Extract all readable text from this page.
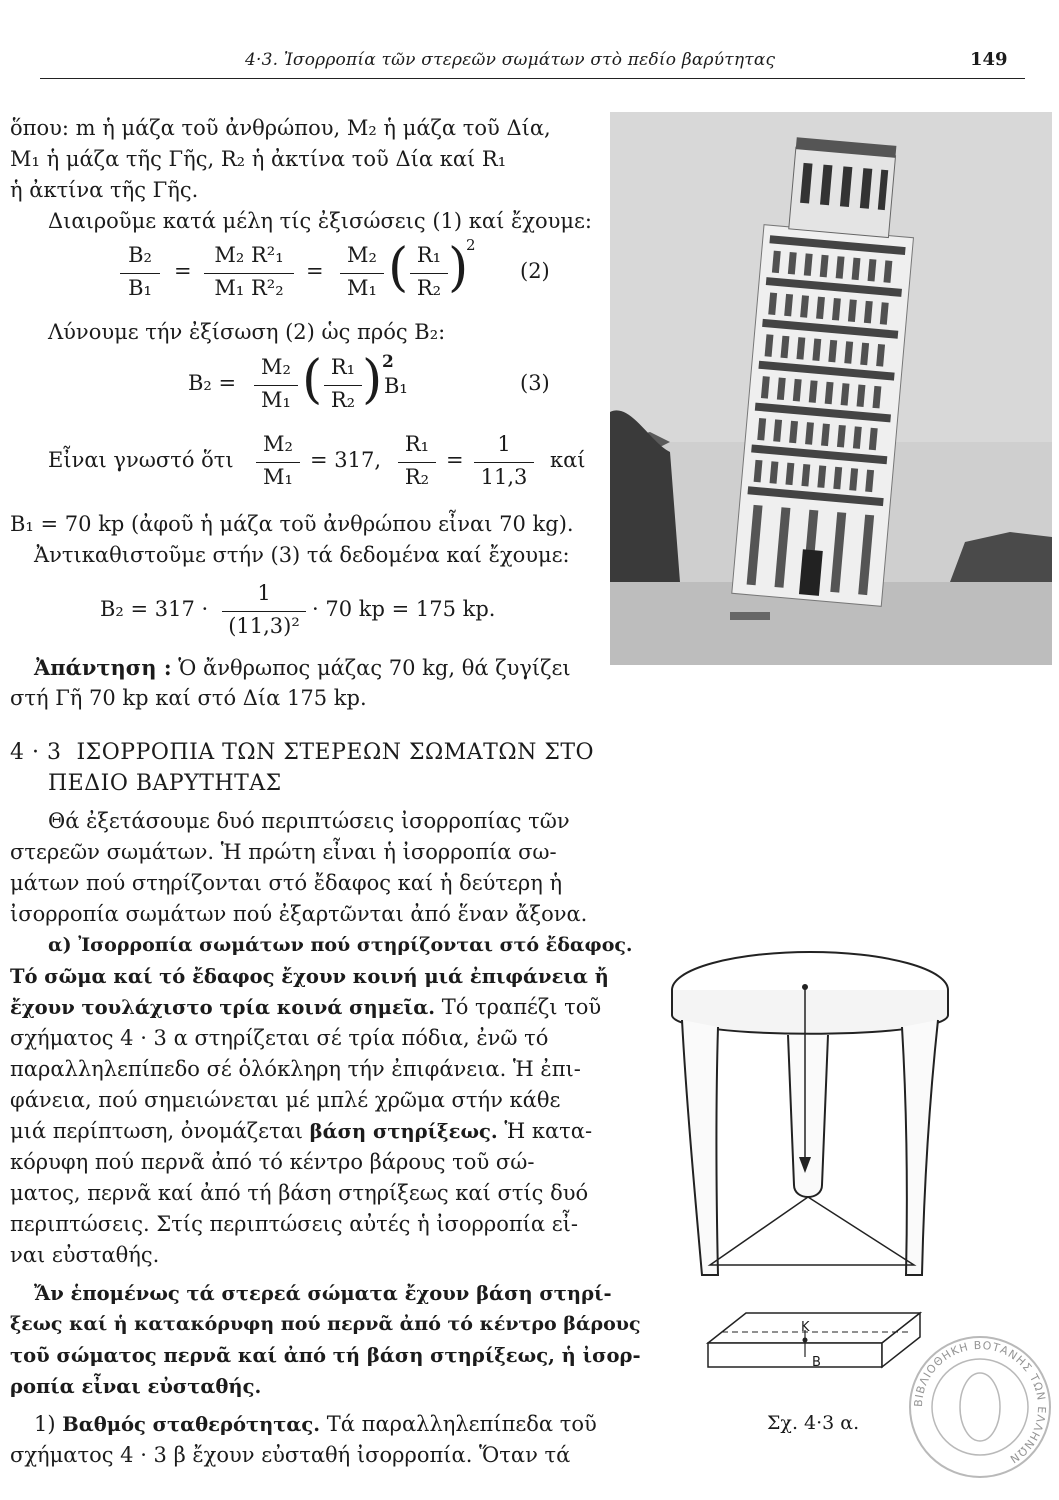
4·3. Ἰσορροπία τῶν στερεῶν σωμάτων στὸ πεδίο βαρύτητας	149
ὅπου: m ἡ μάζα τοῦ ἀνθρώπου, M₂ ἡ μάζα τοῦ Δία,
M₁ ἡ μάζα τῆς Γῆς, R₂ ἡ ἀκτίνα τοῦ Δία καί R₁
ἡ ἀκτίνα τῆς Γῆς.
Διαιροῦμε κατά μέλη τίς ἐξισώσεις (1) καί ἔχουμε:
B₂
B₁
=
M₂ R²₁
M₁ R²₂
=
M₂
M₁ ( R₁
R₂ )
2
(2)
Λύνουμε τήν ἐξίσωση (2) ὡς πρός B₂:
B₂ =
M₂
M₁ ( R₁
R₂ ) 2
B₁	(3)
Εἶναι γνωστό ὅτι
M₂
M₁
= 317,
R₁
R₂
=
1
11,3
καί
B₁ = 70 kp (ἀφοῦ ἡ μάζα τοῦ ἀνθρώπου εἶναι 70 kg).
Ἀντικαθιστοῦμε στήν (3) τά δεδομένα καί ἔχουμε:
B₂ = 317 ·
1
(11,3)²
· 70 kp = 175 kp.
Ἀπάντηση : Ὁ ἄνθρωπος μάζας 70 kg, θά ζυγίζει
στή Γῆ 70 kp καί στό Δία 175 kp.
4 · 3 ΙΣΟΡΡΟΠΙΑ ΤΩΝ ΣΤΕΡΕΩΝ ΣΩΜΑΤΩΝ ΣΤΟ
ΠΕΔΙΟ ΒΑΡΥΤΗΤΑΣ
Θά ἐξετάσουμε δυό περιπτώσεις ἰσορροπίας τῶν
στερεῶν σωμάτων. Ἡ πρώτη εἶναι ἡ ἰσορροπία σω-
μάτων πού στηρίζονται στό ἔδαφος καί ἡ δεύτερη ἡ
ἰσορροπία σωμάτων πού ἐξαρτῶνται ἀπό ἕναν ἄξονα.
α) Ἰσορροπία σωμάτων πού στηρίζονται στό ἔδαφος.
Τό σῶμα καί τό ἔδαφος ἔχουν κοινή μιά ἐπιφάνεια ἤ
ἔχουν τουλάχιστο τρία κοινά σημεῖα. Τό τραπέζι τοῦ
σχήματος 4 · 3 α στηρίζεται σέ τρία πόδια, ἐνῶ τό
παραλληλεπίπεδο σέ ὁλόκληρη τήν ἐπιφάνεια. Ἡ ἐπι-
φάνεια, πού σημειώνεται μέ μπλέ χρῶμα στήν κάθε
μιά περίπτωση, ὀνομάζεται βάση στηρίξεως. Ἡ κατα-
κόρυφη πού περνᾶ ἀπό τό κέντρο βάρους τοῦ σώ-
ματος, περνᾶ καί ἀπό τή βάση στηρίξεως καί στίς δυό
περιπτώσεις. Στίς περιπτώσεις αὐτές ἡ ἰσορροπία εἶ-
ναι εὐσταθής.
Ἄν ἑπομένως τά στερεά σώματα ἔχουν βάση στηρί-
ξεως καί ἡ κατακόρυφη πού περνᾶ ἀπό τό κέντρο βάρους
τοῦ σώματος περνᾶ καί ἀπό τή βάση στηρίξεως, ἡ ἰσορ-
ροπία εἶναι εὐσταθής.
1) Βαθμός σταθερότητας. Τά παραλληλεπίπεδα τοῦ
σχήματος 4 · 3 β ἔχουν εὐσταθή ἰσορροπία. Ὅταν τά
K
B
Σχ. 4·3 α.
ΒΙΒΛΙΟΘΗΚΗ ΒΟΤΑΝΗΣ ΤΩΝ ΕΛΛΗΝΩΝ
